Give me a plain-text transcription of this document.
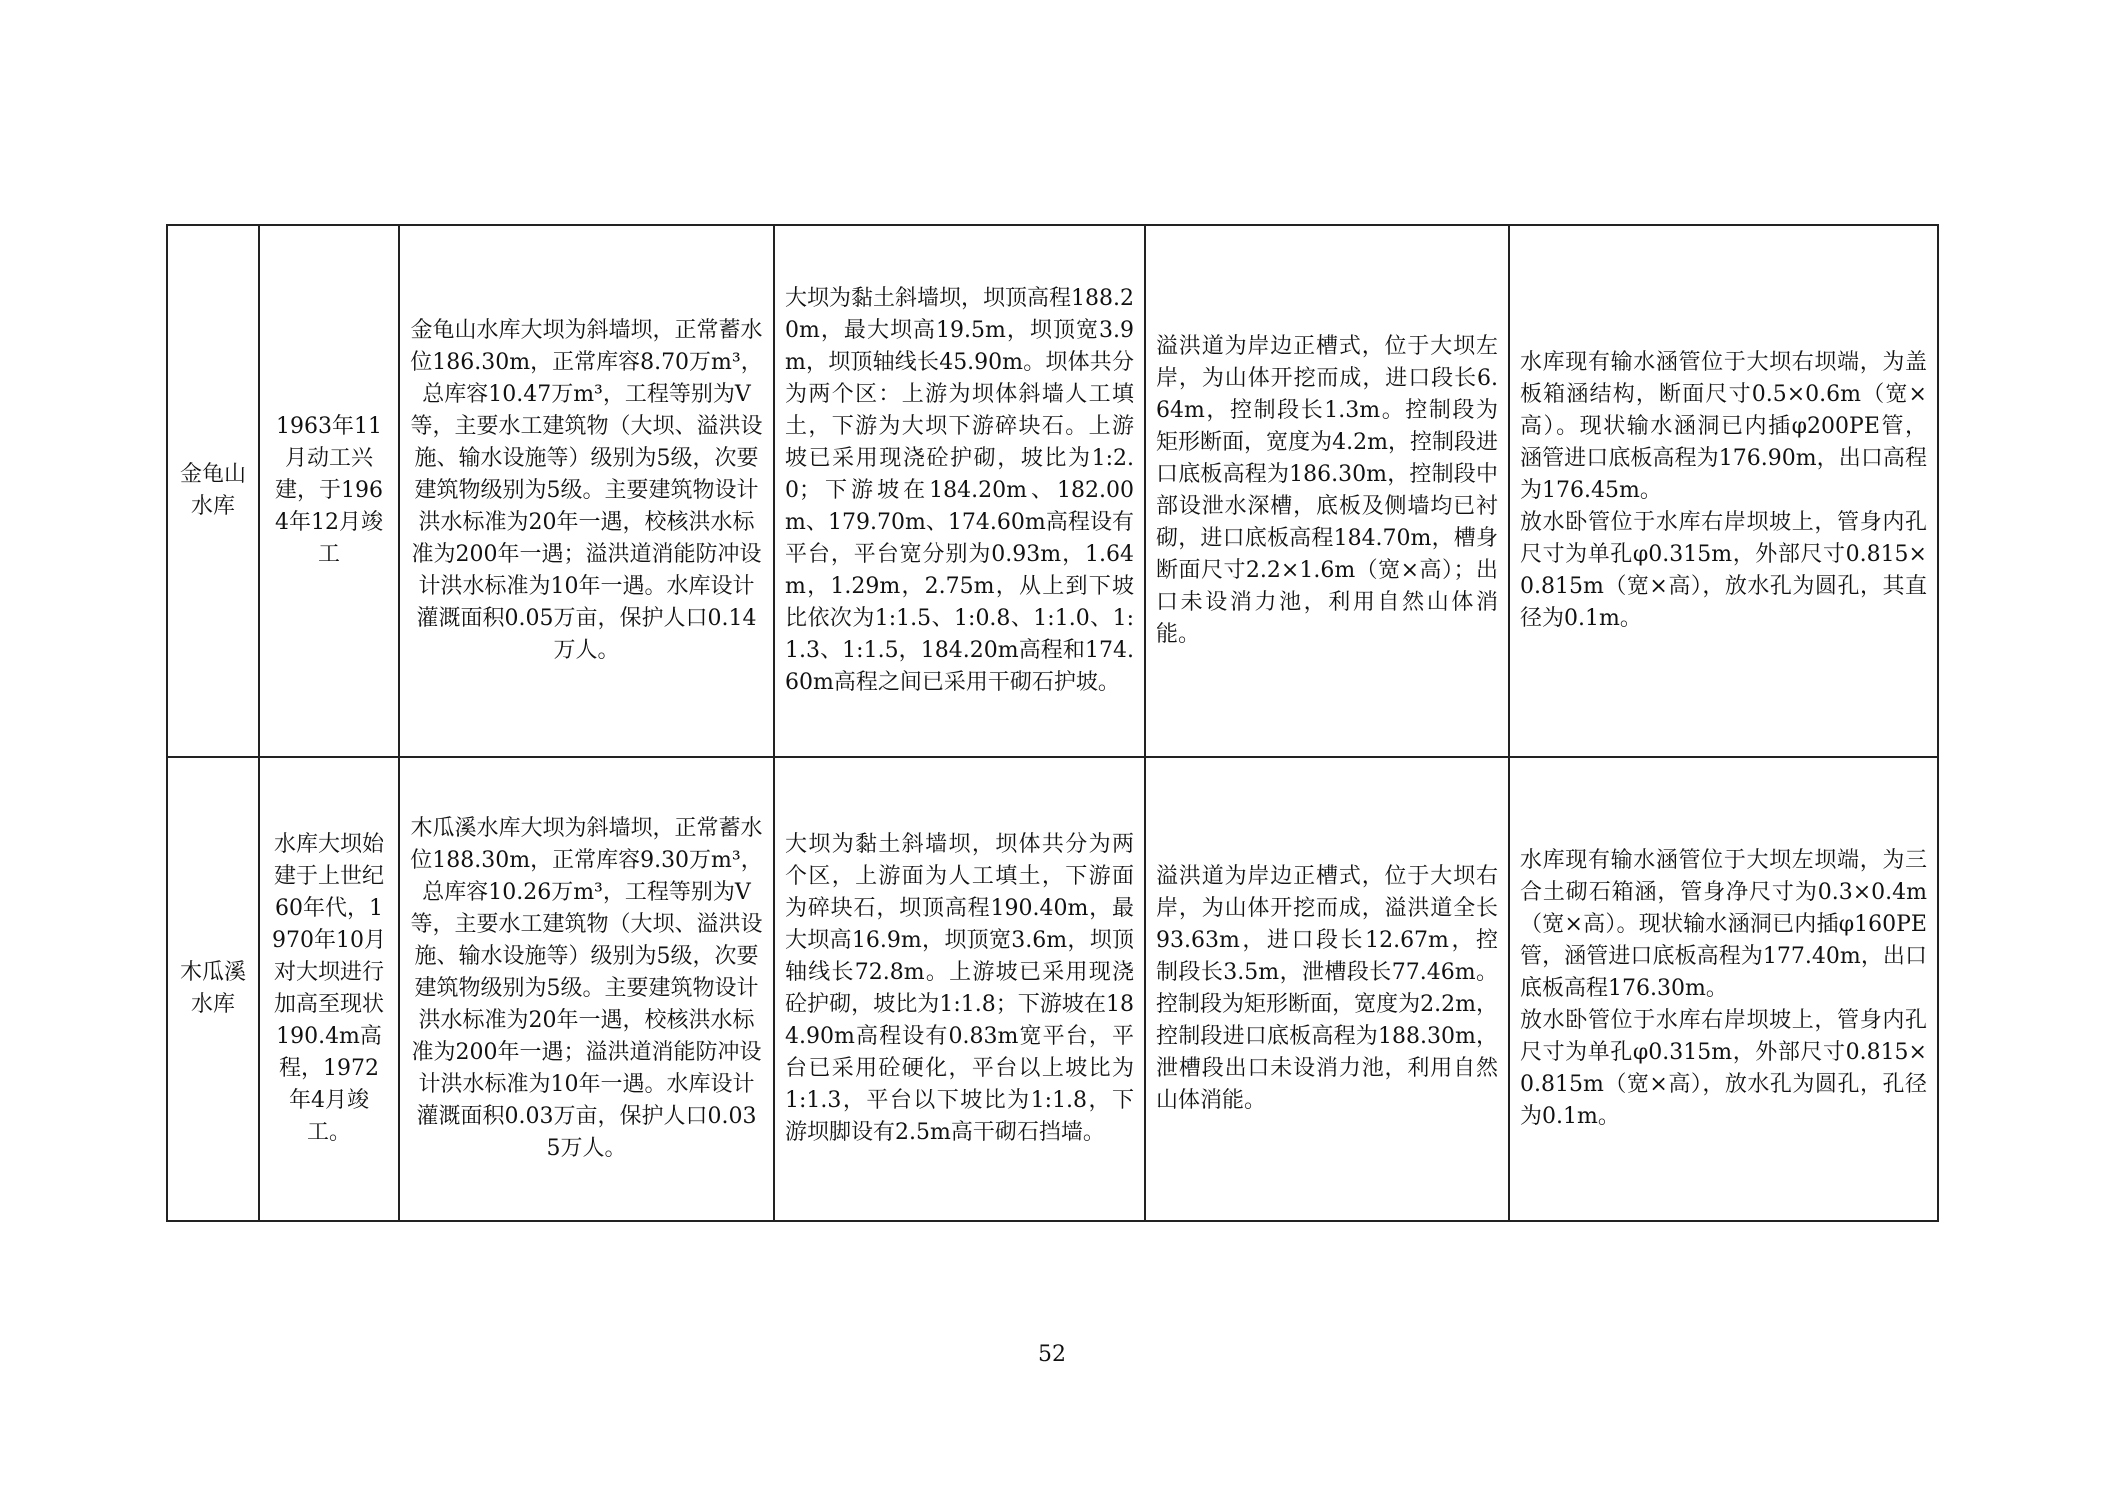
金龟山水库	1963年11月动工兴建，于1964年12月竣工	金龟山水库大坝为斜墙坝，正常蓄水位186.30m，正常库容8.70万m³，总库容10.47万m³，工程等别为Ⅴ等，主要水工建筑物（大坝、溢洪设施、输水设施等）级别为5级，次要建筑物级别为5级。主要建筑物设计洪水标准为20年一遇，校核洪水标准为200年一遇；溢洪道消能防冲设计洪水标准为10年一遇。水库设计灌溉面积0.05万亩，保护人口0.14万人。	大坝为黏土斜墙坝，坝顶高程188.20m，最大坝高19.5m，坝顶宽3.9m，坝顶轴线长45.90m。坝体共分为两个区：上游为坝体斜墙人工填土，下游为大坝下游碎块石。上游坡已采用现浇砼护砌，坡比为1:2.0；下游坡在184.20m、182.00m、179.70m、174.60m高程设有平台，平台宽分别为0.93m，1.64m，1.29m，2.75m，从上到下坡比依次为1:1.5、1:0.8、1:1.0、1:1.3、1:1.5，184.20m高程和174.60m高程之间已采用干砌石护坡。	溢洪道为岸边正槽式，位于大坝左岸，为山体开挖而成，进口段长6.64m，控制段长1.3m。控制段为矩形断面，宽度为4.2m，控制段进口底板高程为186.30m，控制段中部设泄水深槽，底板及侧墙均已衬砌，进口底板高程184.70m，槽身断面尺寸2.2×1.6m（宽×高）；出口未设消力池，利用自然山体消能。	水库现有输水涵管位于大坝右坝端，为盖板箱涵结构，断面尺寸0.5×0.6m（宽×高）。现状输水涵洞已内插φ200PE管，涵管进口底板高程为176.90m，出口高程为176.45m。
放水卧管位于水库右岸坝坡上，管身内孔尺寸为单孔φ0.315m，外部尺寸0.815×0.815m（宽×高），放水孔为圆孔，其直径为0.1m。

木瓜溪水库	水库大坝始建于上世纪60年代，1970年10月对大坝进行加高至现状190.4m高程，1972年4月竣工。	木瓜溪水库大坝为斜墙坝，正常蓄水位188.30m，正常库容9.30万m³，总库容10.26万m³，工程等别为Ⅴ等，主要水工建筑物（大坝、溢洪设施、输水设施等）级别为5级，次要建筑物级别为5级。主要建筑物设计洪水标准为20年一遇，校核洪水标准为200年一遇；溢洪道消能防冲设计洪水标准为10年一遇。水库设计灌溉面积0.03万亩，保护人口0.035万人。	大坝为黏土斜墙坝，坝体共分为两个区，上游面为人工填土，下游面为碎块石，坝顶高程190.40m，最大坝高16.9m，坝顶宽3.6m，坝顶轴线长72.8m。上游坡已采用现浇砼护砌，坡比为1:1.8；下游坡在184.90m高程设有0.83m宽平台，平台已采用砼硬化，平台以上坡比为1:1.3，平台以下坡比为1:1.8，下游坝脚设有2.5m高干砌石挡墙。	溢洪道为岸边正槽式，位于大坝右岸，为山体开挖而成，溢洪道全长93.63m，进口段长12.67m，控制段长3.5m，泄槽段长77.46m。控制段为矩形断面，宽度为2.2m，控制段进口底板高程为188.30m，泄槽段出口未设消力池，利用自然山体消能。	水库现有输水涵管位于大坝左坝端，为三合土砌石箱涵，管身净尺寸为0.3×0.4m（宽×高）。现状输水涵洞已内插φ160PE管，涵管进口底板高程为177.40m，出口底板高程176.30m。
放水卧管位于水库右岸坝坡上，管身内孔尺寸为单孔φ0.315m，外部尺寸0.815×0.815m（宽×高），放水孔为圆孔，孔径为0.1m。
52
